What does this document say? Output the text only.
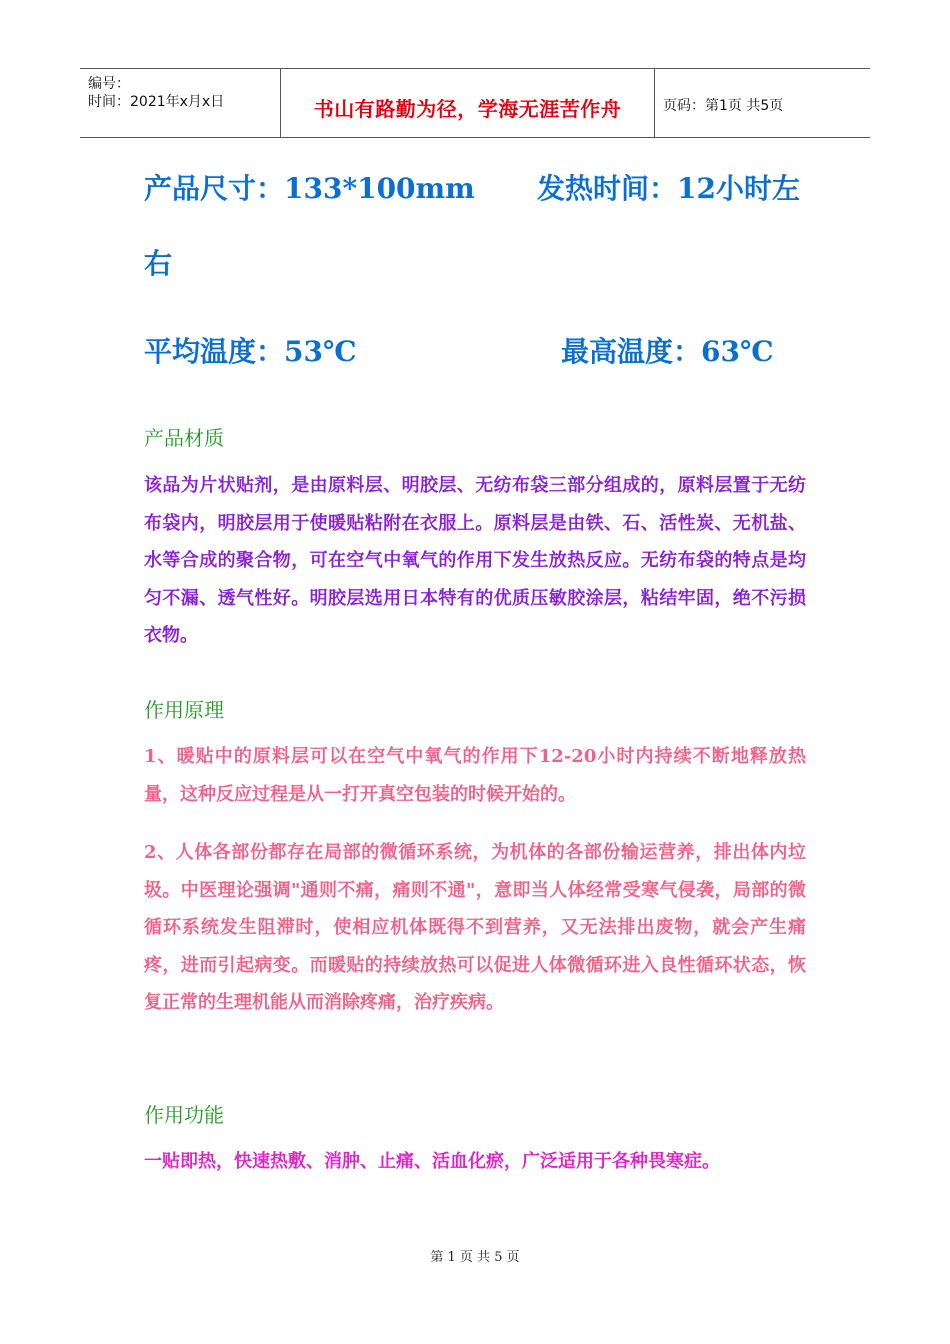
编号：
时间：2021年x月x日	书山有路勤为径，学海无涯苦作舟	页码：第1页 共5页
产品尺寸：133*100mm 发热时间：12小时左
右
平均温度：53℃	最高温度：63℃
产品材质
该品为片状贴剂，是由原料层、明胶层、无纺布袋三部分组成的，原料层置于无纺布袋内，明胶层用于使暖贴粘附在衣服上。原料层是由铁、石、活性炭、无机盐、水等合成的聚合物，可在空气中氧气的作用下发生放热反应。无纺布袋的特点是均匀不漏、透气性好。明胶层选用日本特有的优质压敏胶涂层，粘结牢固，绝不污损衣物。
作用原理
1、暖贴中的原料层可以在空气中氧气的作用下12-20小时内持续不断地释放热量，这种反应过程是从一打开真空包装的时候开始的。
2、人体各部份都存在局部的微循环系统，为机体的各部份输运营养，排出体内垃圾。中医理论强调"通则不痛，痛则不通"，意即当人体经常受寒气侵袭，局部的微循环系统发生阻滞时，使相应机体既得不到营养，又无法排出废物，就会产生痛疼，进而引起病变。而暖贴的持续放热可以促进人体微循环进入良性循环状态，恢复正常的生理机能从而消除疼痛，治疗疾病。
作用功能
一贴即热，快速热敷、消肿、止痛、活血化瘀，广泛适用于各种畏寒症。
第 1 页 共 5 页
